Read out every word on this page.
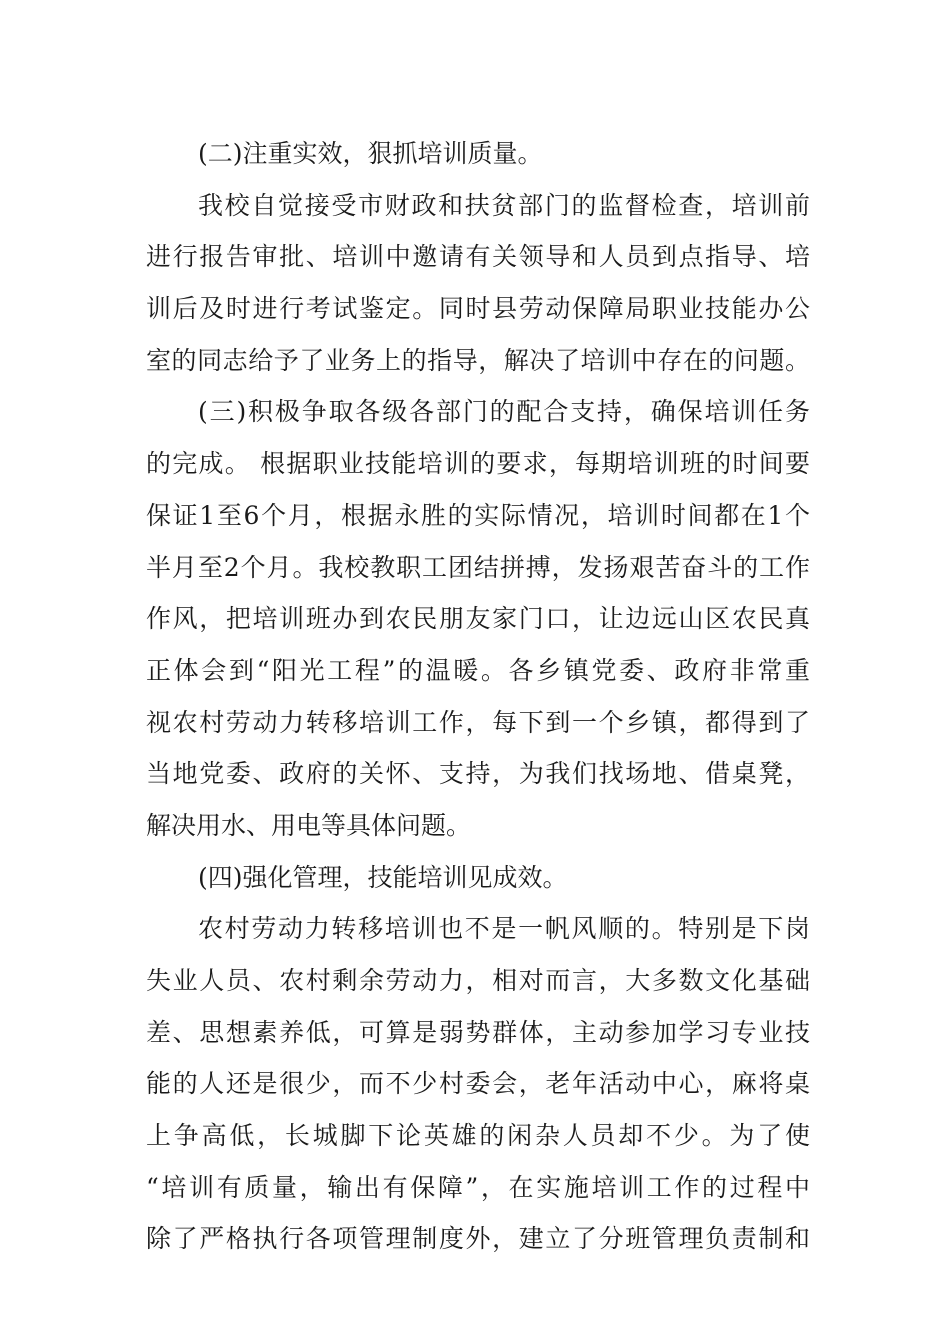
(二)注重实效，狠抓培训质量。
我校自觉接受市财政和扶贫部门的监督检查，培训前
进行报告审批、培训中邀请有关领导和人员到点指导、培
训后及时进行考试鉴定。同时县劳动保障局职业技能办公
室的同志给予了业务上的指导，解决了培训中存在的问题。
(三)积极争取各级各部门的配合支持，确保培训任务
的完成。 根据职业技能培训的要求，每期培训班的时间要
保证1至6个月，根据永胜的实际情况，培训时间都在1个
半月至2个月。我校教职工团结拼搏，发扬艰苦奋斗的工作
作风，把培训班办到农民朋友家门口，让边远山区农民真
正体会到“阳光工程”的温暖。各乡镇党委、政府非常重
视农村劳动力转移培训工作，每下到一个乡镇，都得到了
当地党委、政府的关怀、支持，为我们找场地、借桌凳，
解决用水、用电等具体问题。
(四)强化管理，技能培训见成效。
农村劳动力转移培训也不是一帆风顺的。特别是下岗
失业人员、农村剩余劳动力，相对而言，大多数文化基础
差、思想素养低，可算是弱势群体，主动参加学习专业技
能的人还是很少，而不少村委会，老年活动中心，麻将桌
上争高低，长城脚下论英雄的闲杂人员却不少。为了使
“培训有质量，输出有保障”，在实施培训工作的过程中
除了严格执行各项管理制度外，建立了分班管理负责制和
